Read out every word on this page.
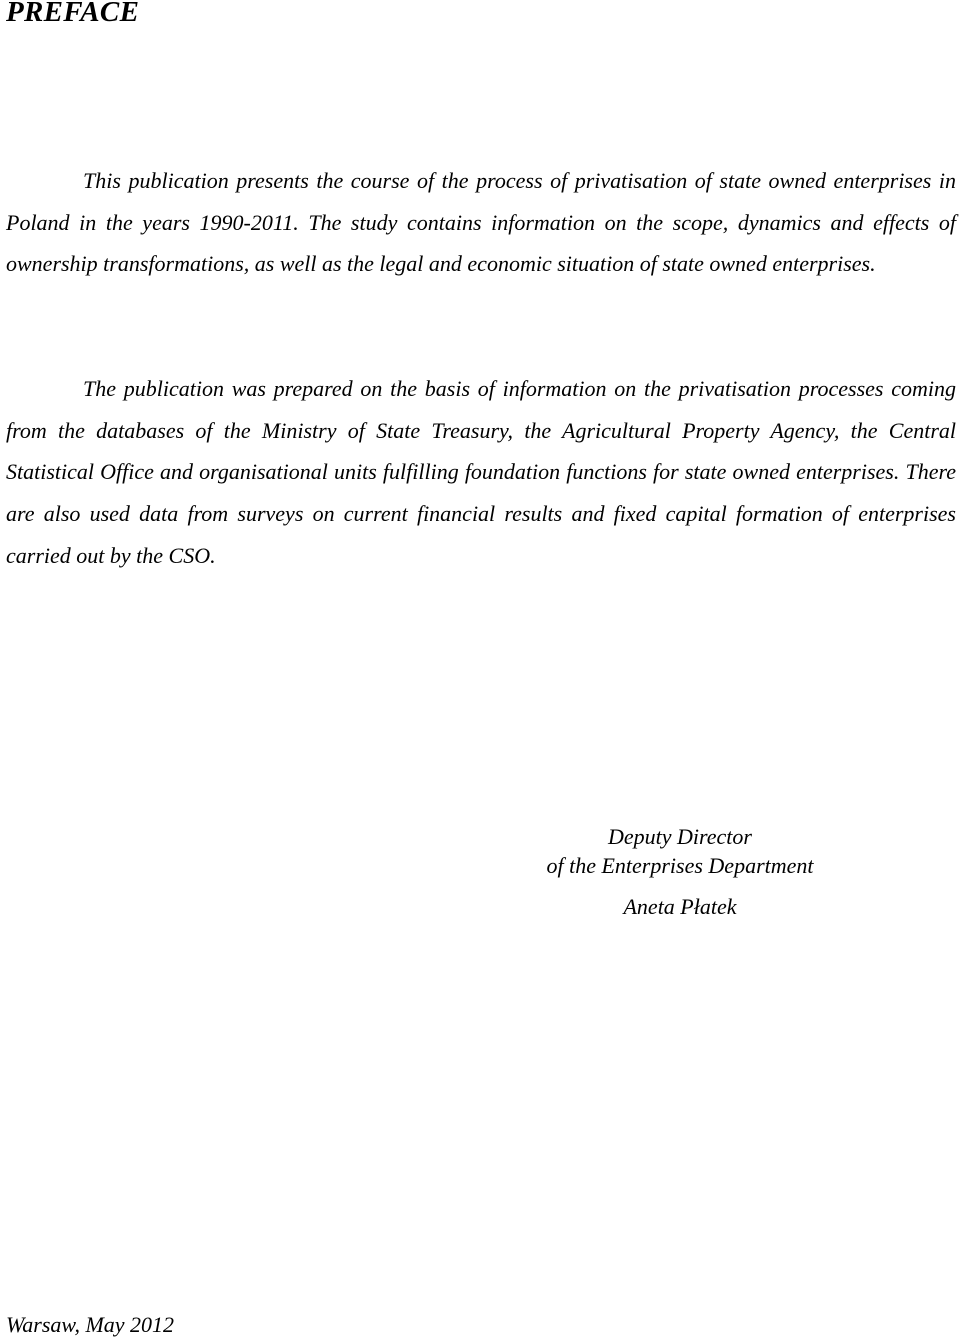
PREFACE

This publication presents the course of the process of privatisation of state owned enterprises in Poland in the years 1990-2011. The study contains information on the scope, dynamics and effects of ownership transformations, as well as the legal and economic situation of state owned enterprises.

The publication was prepared on the basis of information on the privatisation processes coming from the databases of the Ministry of State Treasury, the Agricultural Property Agency, the Central Statistical Office and organisational units fulfilling foundation functions for state owned enterprises. There are also used data from surveys on current financial results and fixed capital formation of enterprises carried out by the CSO.

Deputy Director

of the Enterprises Department

Aneta Płatek

Warsaw, May 2012
